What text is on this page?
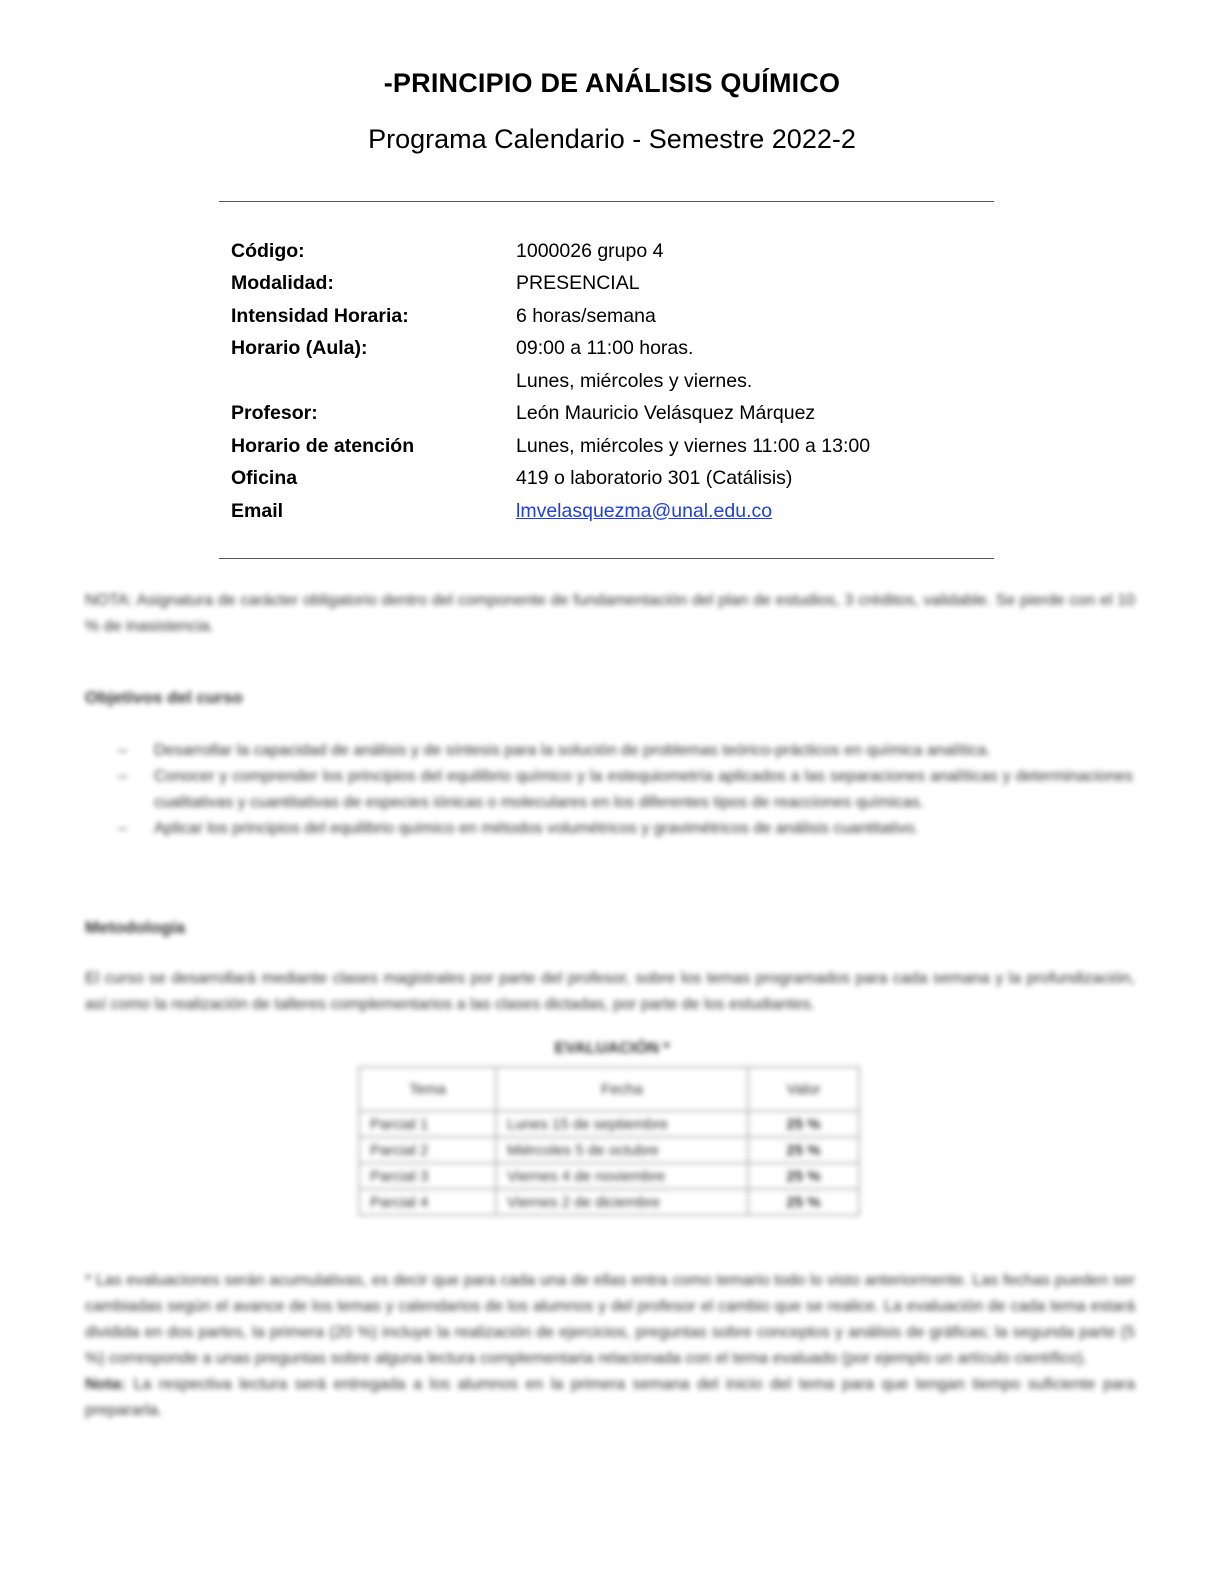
-PRINCIPIO DE ANÁLISIS QUÍMICO
Programa Calendario - Semestre 2022-2
Código:	1000026 grupo 4
Modalidad:	PRESENCIAL
Intensidad Horaria:	6 horas/semana
Horario (Aula):	09:00 a 11:00 horas.
Lunes, miércoles y viernes.
Profesor:	León Mauricio Velásquez Márquez
Horario de atención	Lunes, miércoles y viernes 11:00 a 13:00
Oficina	419 o laboratorio 301 (Catálisis)
Email	lmvelasquezma@unal.edu.co
NOTA: Asignatura de carácter obligatorio dentro del componente de fundamentación del plan de estudios, 3 créditos, validable. Se pierde con el 10 % de inasistencia.
Objetivos del curso
– Desarrollar la capacidad de análisis y de síntesis para la solución de problemas teórico-prácticos en química analítica.
– Conocer y comprender los principios del equilibrio químico y la estequiometría aplicados a las separaciones analíticas y determinaciones cualitativas y cuantitativas de especies iónicas o moleculares en los diferentes tipos de reacciones químicas.
– Aplicar los principios del equilibrio químico en métodos volumétricos y gravimétricos de análisis cuantitativo.
Metodología
El curso se desarrollará mediante clases magistrales por parte del profesor, sobre los temas programados para cada semana y la profundización, así como la realización de talleres complementarios a las clases dictadas, por parte de los estudiantes.
EVALUACIÓN *
Tema	Fecha	Valor
Parcial 1	Lunes 15 de septiembre	25 %
Parcial 2	Miércoles 5 de octubre	25 %
Parcial 3	Viernes 4 de noviembre	25 %
Parcial 4	Viernes 2 de diciembre	25 %
* Las evaluaciones serán acumulativas, es decir que para cada una de ellas entra como temario todo lo visto anteriormente. Las fechas pueden ser cambiadas según el avance de los temas y calendarios de los alumnos y del profesor el cambio que se realice. La evaluación de cada tema estará dividida en dos partes, la primera (20 %) incluye la realización de ejercicios, preguntas sobre conceptos y análisis de gráficas; la segunda parte (5 %) corresponde a unas preguntas sobre alguna lectura complementaria relacionada con el tema evaluado (por ejemplo un artículo científico).
Nota: La respectiva lectura será entregada a los alumnos en la primera semana del inicio del tema para que tengan tiempo suficiente para prepararla.
